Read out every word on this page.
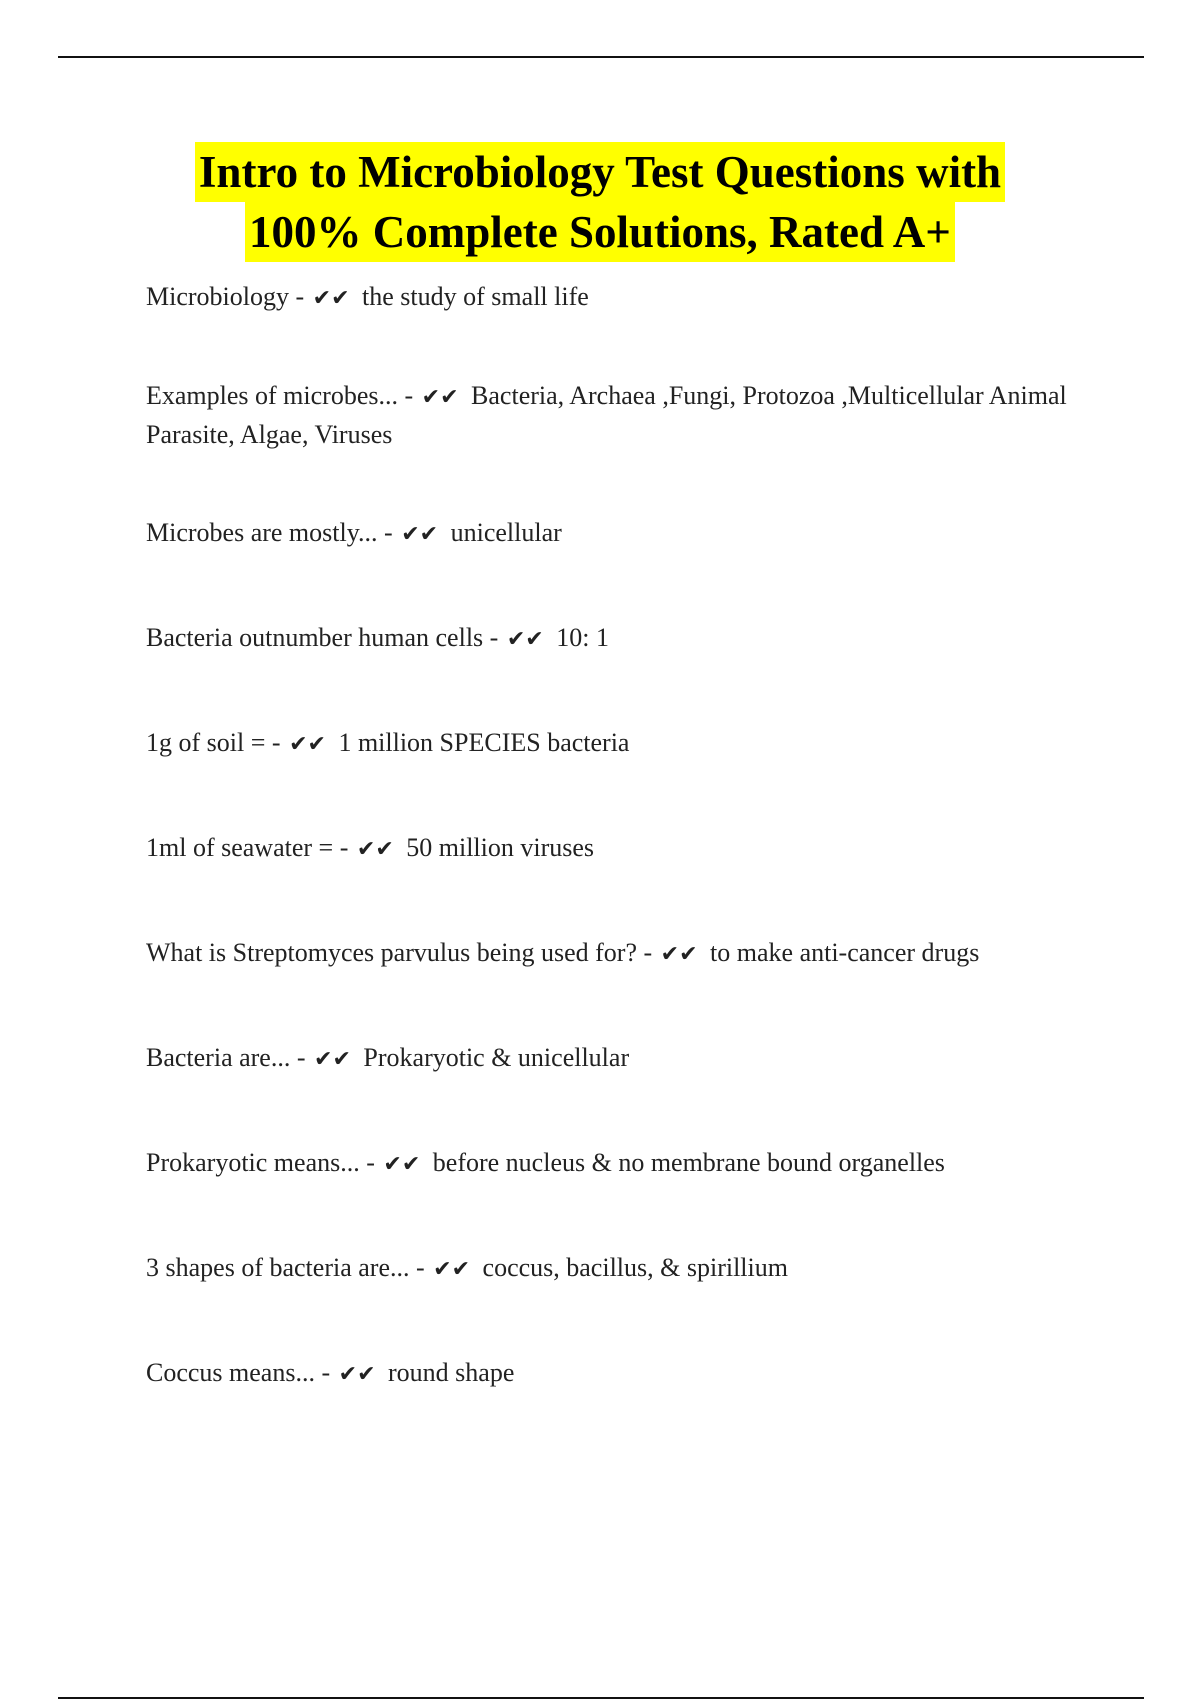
Intro to Microbiology Test Questions with
100% Complete Solutions, Rated A+

Microbiology - ✔✔ the study of small life

Examples of microbes... - ✔✔ Bacteria, Archaea ,Fungi, Protozoa ,Multicellular Animal Parasite, Algae, Viruses

Microbes are mostly... - ✔✔ unicellular

Bacteria outnumber human cells - ✔✔ 10: 1

1g of soil = - ✔✔ 1 million SPECIES bacteria

1ml of seawater = - ✔✔ 50 million viruses

What is Streptomyces parvulus being used for? - ✔✔ to make anti-cancer drugs

Bacteria are... - ✔✔ Prokaryotic & unicellular

Prokaryotic means... - ✔✔ before nucleus & no membrane bound organelles

3 shapes of bacteria are... - ✔✔ coccus, bacillus, & spirillium

Coccus means... - ✔✔ round shape
